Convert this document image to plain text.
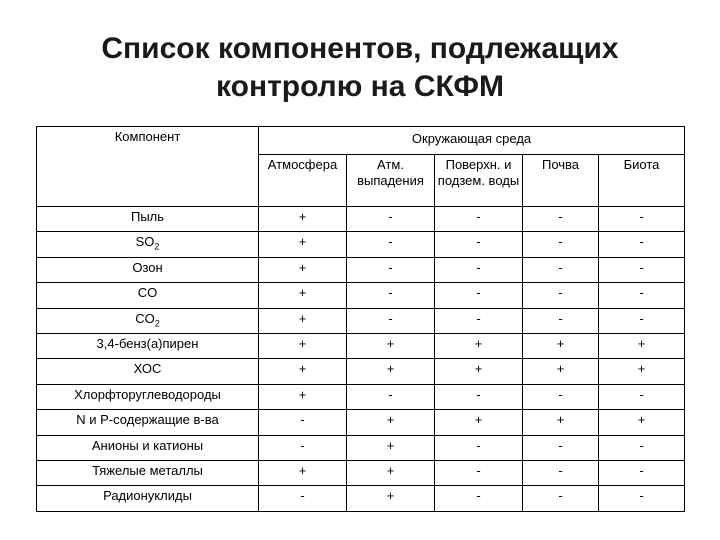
Список компонентов, подлежащих
контролю на СКФМ
Компонент	Окружающая среда				
	Атмосфера	Атм. выпадения	Поверхн. и подзем. воды	Почва	Биота
Пыль	+	-	-	-	-
$SO_2$	+	-	-	-	-
Озон	+	-	-	-	-
CO	+	-	-	-	-
$CO_2$	+	-	-	-	-
3,4-бенз(а)пирен	+	+	+	+	+
ХОС	+	+	+	+	+
Хлорфторуглеводороды	+	-	-	-	-
N и P-содержащие в-ва	-	+	+	+	+
Анионы и катионы	-	+	-	-	-
Тяжелые металлы	+	+	-	-	-
Радионуклиды	-	+	-	-	-
